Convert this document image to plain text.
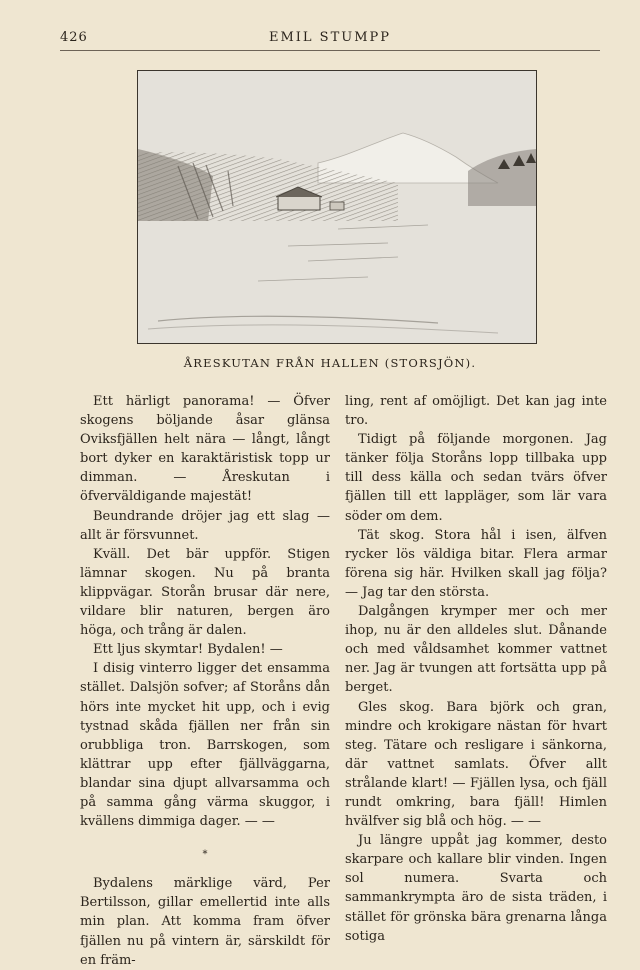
426	EMIL STUMPP
ÅRESKUTAN FRÅN HALLEN (STORSJÖN).

Ett härligt panorama! — Öfver skogens böljande åsar glänsa Oviksfjällen helt nära — långt, långt bort dyker en karaktäristisk topp ur dimman. — Åreskutan i öfverväldigande majestät!

Beundrande dröjer jag ett slag — allt är försvunnet.

Kväll. Det bär uppför. Stigen lämnar skogen. Nu på branta klippvägar. Storån brusar där nere, vildare blir naturen, bergen äro höga, och trång är dalen.

Ett ljus skymtar! Bydalen! —

I disig vinterro ligger det ensamma stället. Dalsjön sofver; af Storåns dån hörs inte mycket hit upp, och i evig tystnad skåda fjällen ner från sin orubbliga tron. Barrskogen, som klättrar upp efter fjällväggarna, blandar sina djupt allvarsamma och på samma gång värma skuggor, i kvällens dimmiga dager. — —

*

Bydalens märklige värd, Per Bertilsson, gillar emellertid inte alls min plan. Att komma fram öfver fjällen nu på vintern är, särskildt för en främ-

ling, rent af omöjligt. Det kan jag inte tro.

Tidigt på följande morgonen. Jag tänker följa Storåns lopp tillbaka upp till dess källa och sedan tvärs öfver fjällen till ett lappläger, som lär vara söder om dem.

Tät skog. Stora hål i isen, älfven rycker lös väldiga bitar. Flera armar förena sig här. Hvilken skall jag följa? — Jag tar den största.

Dalgången krymper mer och mer ihop, nu är den alldeles slut. Dånande och med våldsamhet kommer vattnet ner. Jag är tvungen att fortsätta upp på berget.

Gles skog. Bara björk och gran, mindre och krokigare nästan för hvart steg. Tätare och resligare i sänkorna, där vattnet samlats. Öfver allt strålande klart! — Fjällen lysa, och fjäll rundt omkring, bara fjäll! Himlen hvälfver sig blå och hög. — —

Ju längre uppåt jag kommer, desto skarpare och kallare blir vinden. Ingen sol numera. Svarta och sammankrympta äro de sista träden, i stället för grönska bära grenarna långa sotiga
